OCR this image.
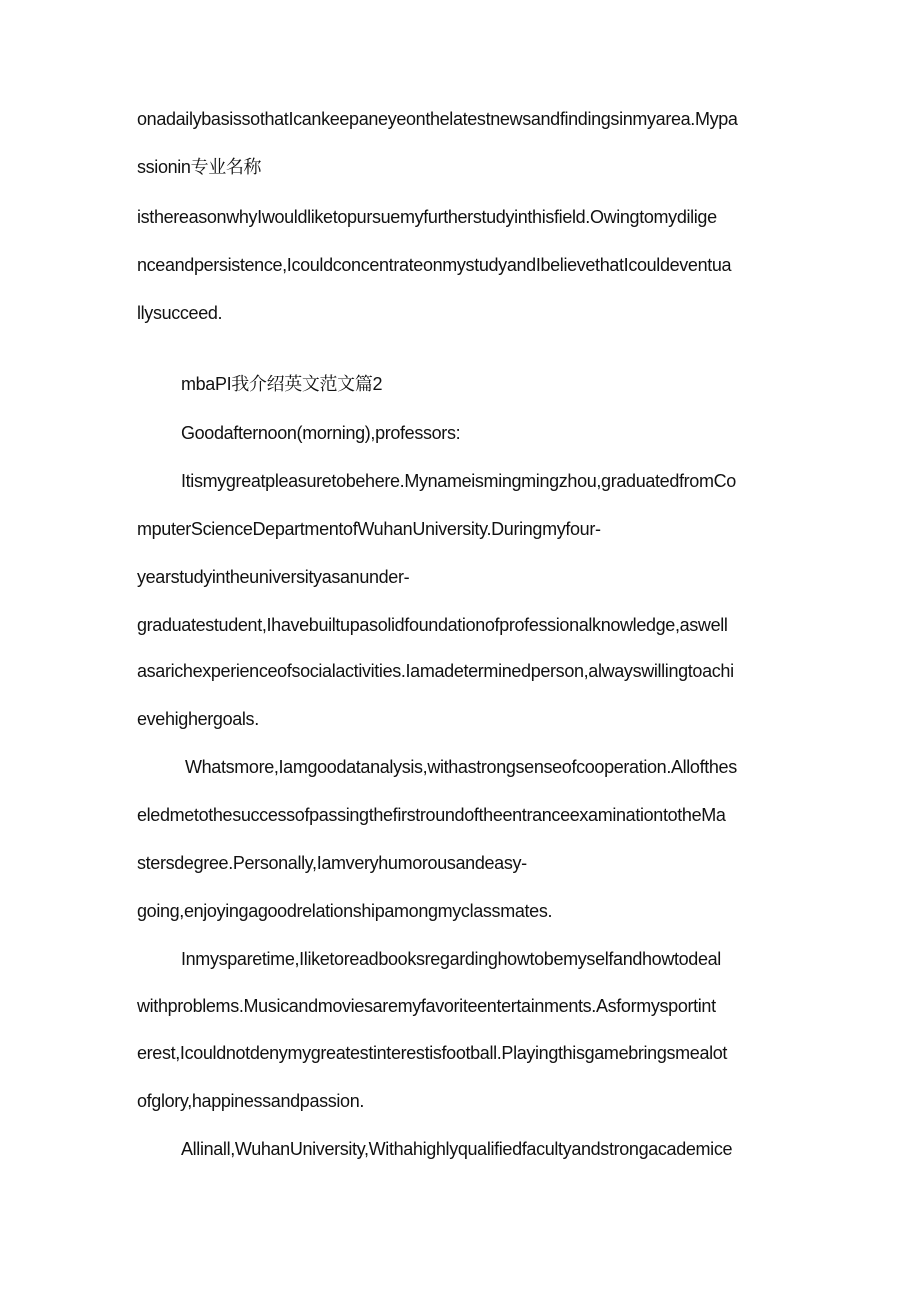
onadailybasissothatIcankeepaneyeonthelatestnewsandfindingsinmyarea.Mypa
ssionin专业名称
isthereasonwhyIwouldliketopursuemyfurtherstudyinthisfield.Owingtomydilige
nceandpersistence,IcouldconcentrateonmystudyandIbelievethatIcouldeventua
llysucceed.
mbaPI我介绍英文范文篇2
Goodafternoon(morning),professors:
Itismygreatpleasuretobehere.Mynameismingmingzhou,graduatedfromCo
mputerScienceDepartmentofWuhanUniversity.Duringmyfour-
yearstudyintheuniversityasanunder-
graduatestudent,Ihavebuiltupasolidfoundationofprofessionalknowledge,aswell
asarichexperienceofsocialactivities.Iamadeterminedperson,alwayswillingtoachi
evehighergoals.
Whatsmore,Iamgoodatanalysis,withastrongsenseofcooperation.Allofthes
eledmetothesuccessofpassingthefirstroundoftheentranceexaminationtotheMa
stersdegree.Personally,Iamveryhumorousandeasy-
going,enjoyingagoodrelationshipamongmyclassmates.
Inmysparetime,Iliketoreadbooksregardinghowtobemyselfandhowtodeal
withproblems.Musicandmoviesaremyfavoriteentertainments.Asformysportint
erest,Icouldnotdenymygreatestinterestisfootball.Playingthisgamebringsmealot
ofglory,happinessandpassion.
Allinall,WuhanUniversity,Withahighlyqualifiedfacultyandstrongacademice
